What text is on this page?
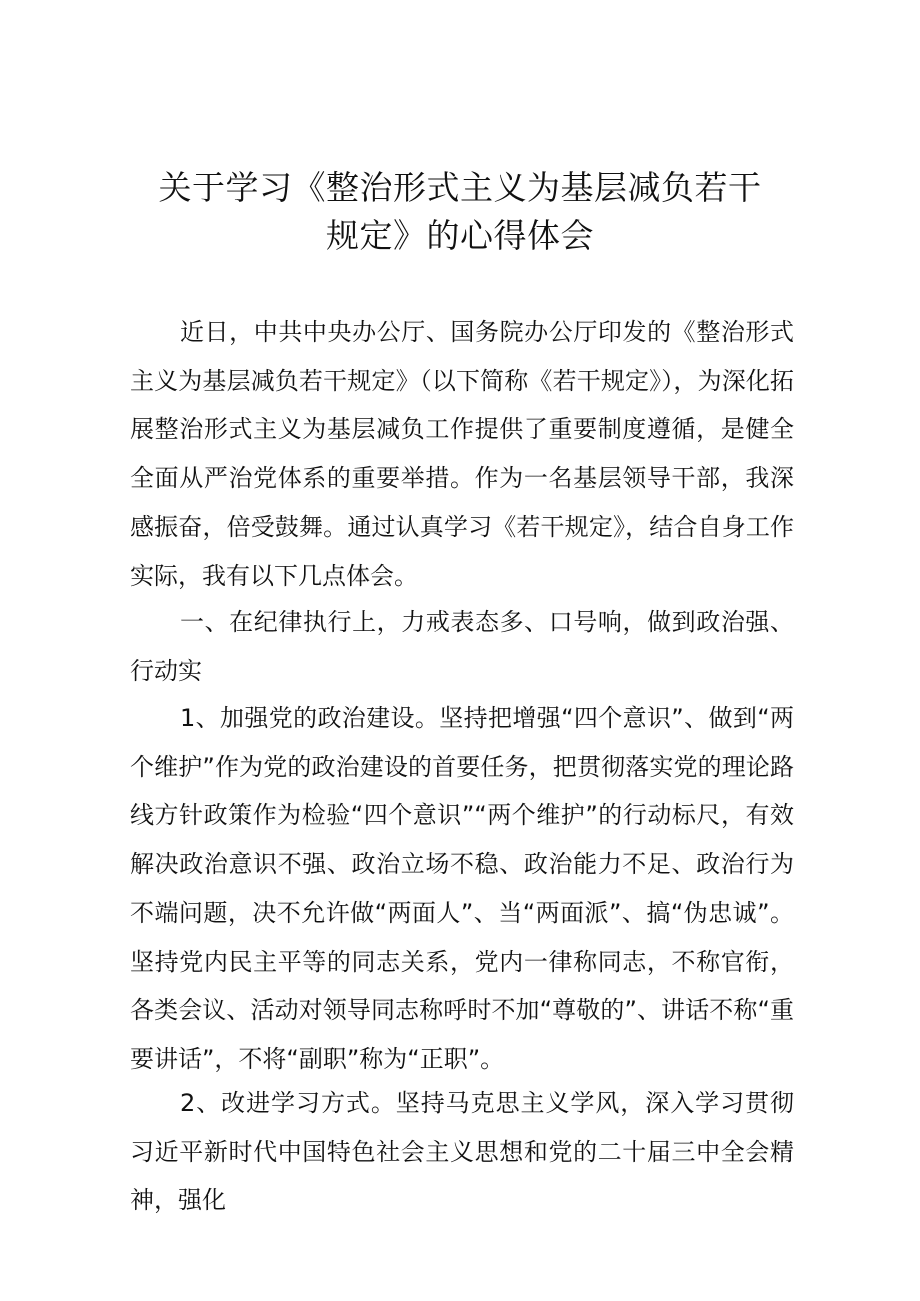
关于学习《整治形式主义为基层减负若干
规定》的心得体会

近日，中共中央办公厅、国务院办公厅印发的《整治形式主义为基层减负若干规定》（以下简称《若干规定》），为深化拓展整治形式主义为基层减负工作提供了重要制度遵循，是健全全面从严治党体系的重要举措。作为一名基层领导干部，我深感振奋，倍受鼓舞。通过认真学习《若干规定》，结合自身工作实际，我有以下几点体会。

一、在纪律执行上，力戒表态多、口号响，做到政治强、行动实

1、加强党的政治建设。坚持把增强“四个意识”、做到“两个维护”作为党的政治建设的首要任务，把贯彻落实党的理论路线方针政策作为检验“四个意识”“两个维护”的行动标尺，有效解决政治意识不强、政治立场不稳、政治能力不足、政治行为不端问题，决不允许做“两面人”、当“两面派”、搞“伪忠诚”。坚持党内民主平等的同志关系，党内一律称同志，不称官衔，各类会议、活动对领导同志称呼时不加“尊敬的”、讲话不称“重要讲话”，不将“副职”称为“正职”。

2、改进学习方式。坚持马克思主义学风，深入学习贯彻习近平新时代中国特色社会主义思想和党的二十届三中全会精神，强化
